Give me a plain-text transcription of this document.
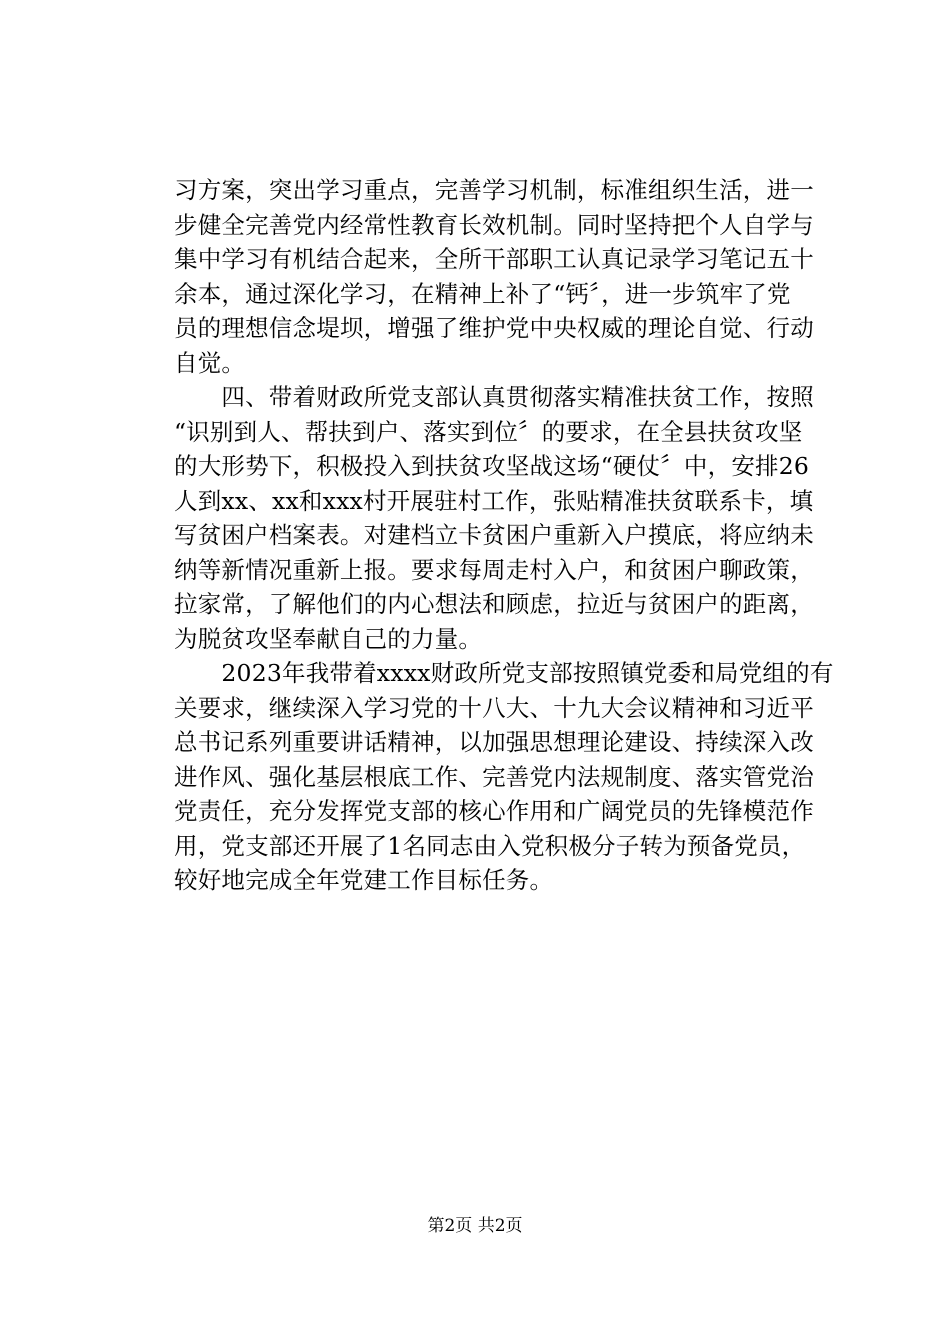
习方案，突出学习重点，完善学习机制，标准组织生活，进一
步健全完善党内经常性教育长效机制。同时坚持把个人自学与
集中学习有机结合起来，全所干部职工认真记录学习笔记五十
余本，通过深化学习，在精神上补了“钙〞，进一步筑牢了党
员的理想信念堤坝，增强了维护党中央权威的理论自觉、行动
自觉。
　　四、带着财政所党支部认真贯彻落实精准扶贫工作，按照
“识别到人、帮扶到户、落实到位〞的要求，在全县扶贫攻坚
的大形势下，积极投入到扶贫攻坚战这场“硬仗〞中，安排26
人到xx、xx和xxx村开展驻村工作，张贴精准扶贫联系卡，填
写贫困户档案表。对建档立卡贫困户重新入户摸底，将应纳未
纳等新情况重新上报。要求每周走村入户，和贫困户聊政策，
拉家常，了解他们的内心想法和顾虑，拉近与贫困户的距离，
为脱贫攻坚奉献自己的力量。
　　2023年我带着xxxx财政所党支部按照镇党委和局党组的有
关要求，继续深入学习党的十八大、十九大会议精神和习近平
总书记系列重要讲话精神，以加强思想理论建设、持续深入改
进作风、强化基层根底工作、完善党内法规制度、落实管党治
党责任，充分发挥党支部的核心作用和广阔党员的先锋模范作
用，党支部还开展了1名同志由入党积极分子转为预备党员，
较好地完成全年党建工作目标任务。
第2页 共2页
